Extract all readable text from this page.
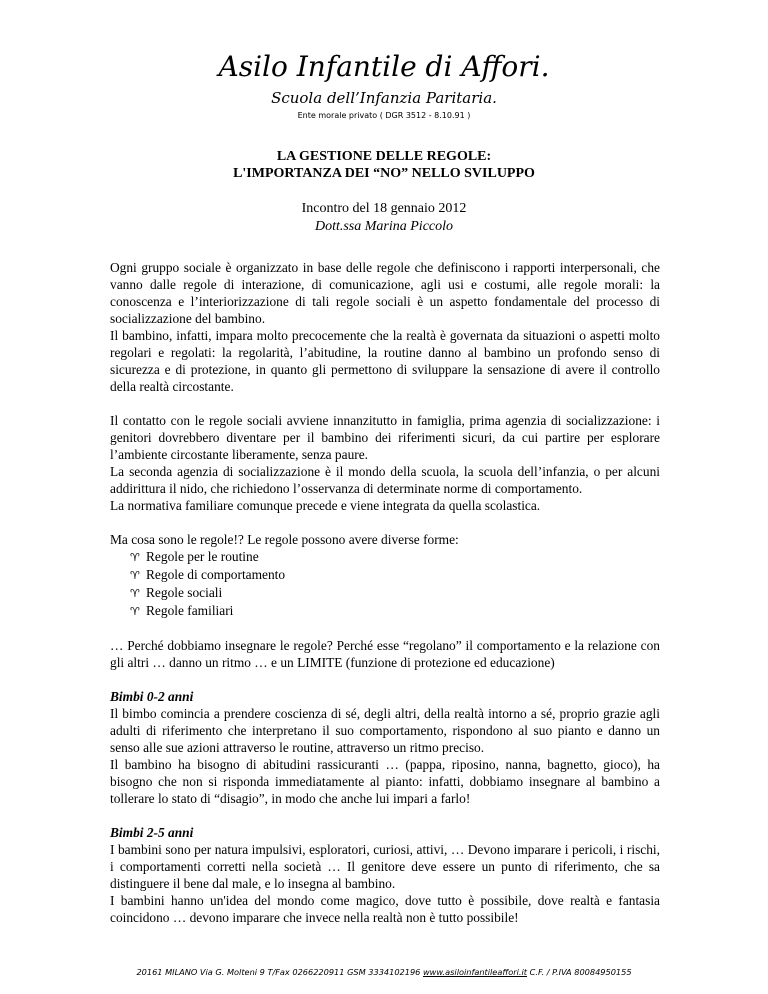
Asilo Infantile di Affori.
Scuola dell’Infanzia Paritaria.
Ente morale privato ( DGR 3512 - 8.10.91 )
LA GESTIONE DELLE REGOLE:
L'IMPORTANZA DEI “NO” NELLO SVILUPPO
Incontro del 18 gennaio 2012
Dott.ssa Marina Piccolo

Ogni gruppo sociale è organizzato in base delle regole che definiscono i rapporti interpersonali, che vanno dalle regole di interazione, di comunicazione, agli usi e costumi, alle regole morali: la conoscenza e l’interiorizzazione di tali regole sociali è un aspetto fondamentale del processo di socializzazione del bambino.

Il bambino, infatti, impara molto precocemente che la realtà è governata da situazioni o aspetti molto regolari e regolati: la regolarità, l’abitudine, la routine danno al bambino un profondo senso di sicurezza e di protezione, in quanto gli permettono di sviluppare la sensazione di avere il controllo della realtà circostante.

Il contatto con le regole sociali avviene innanzitutto in famiglia, prima agenzia di socializzazione: i genitori dovrebbero diventare per il bambino dei riferimenti sicuri, da cui partire per esplorare l’ambiente circostante liberamente, senza paure.

La seconda agenzia di socializzazione è il mondo della scuola, la scuola dell’infanzia, o per alcuni addirittura il nido, che richiedono l’osservanza di determinate norme di comportamento.

La normativa familiare comunque precede e viene integrata da quella scolastica.

Ma cosa sono le regole!? Le regole possono avere diverse forme:

♈ Regole per le routine
♈ Regole di comportamento
♈ Regole sociali
♈ Regole familiari

… Perché dobbiamo insegnare le regole? Perché esse “regolano” il comportamento e la relazione con gli altri … danno un ritmo … e un LIMITE (funzione di protezione ed educazione)

Bimbi 0-2 anni

Il bimbo comincia a prendere coscienza di sé, degli altri, della realtà intorno a sé, proprio grazie agli adulti di riferimento che interpretano il suo comportamento, rispondono al suo pianto e danno un senso alle sue azioni attraverso le routine, attraverso un ritmo preciso.

Il bambino ha bisogno di abitudini rassicuranti … (pappa, riposino, nanna, bagnetto, gioco), ha bisogno che non si risponda immediatamente al pianto: infatti, dobbiamo insegnare al bambino a tollerare lo stato di “disagio”, in modo che anche lui impari a farlo!

Bimbi 2-5 anni

I bambini sono per natura impulsivi, esploratori, curiosi, attivi, … Devono imparare i pericoli, i rischi, i comportamenti corretti nella società … Il genitore deve essere un punto di riferimento, che sa distinguere il bene dal male, e lo insegna al bambino.

I bambini hanno un'idea del mondo come magico, dove tutto è possibile, dove realtà e fantasia coincidono … devono imparare che invece nella realtà non è tutto possibile!

20161 MILANO Via G. Molteni 9 T/Fax 0266220911 GSM 3334102196 www.asiloinfantileaffori.it C.F. / P.IVA 80084950155
